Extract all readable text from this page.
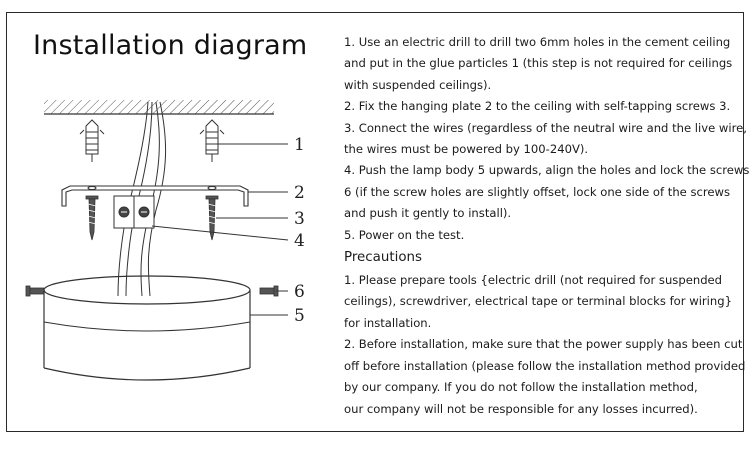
Installation diagram
1
2
3
4
6
5
1. Use an electric drill to drill two 6mm holes in the cement ceiling
and put in the glue particles 1 (this step is not required for ceilings
with suspended ceilings).
2. Fix the hanging plate 2 to the ceiling with self-tapping screws 3.
3. Connect the wires (regardless of the neutral wire and the live wire,
the wires must be powered by 100-240V).
4. Push the lamp body 5 upwards, align the holes and lock the screws
6 (if the screw holes are slightly offset, lock one side of the screws
and push it gently to install).
5. Power on the test.
Precautions
1. Please prepare tools {electric drill (not required for suspended
ceilings), screwdriver, electrical tape or terminal blocks for wiring}
for installation.
2. Before installation, make sure that the power supply has been cut
off before installation (please follow the installation method provided
by our company. If you do not follow the installation method,
our company will not be responsible for any losses incurred).
